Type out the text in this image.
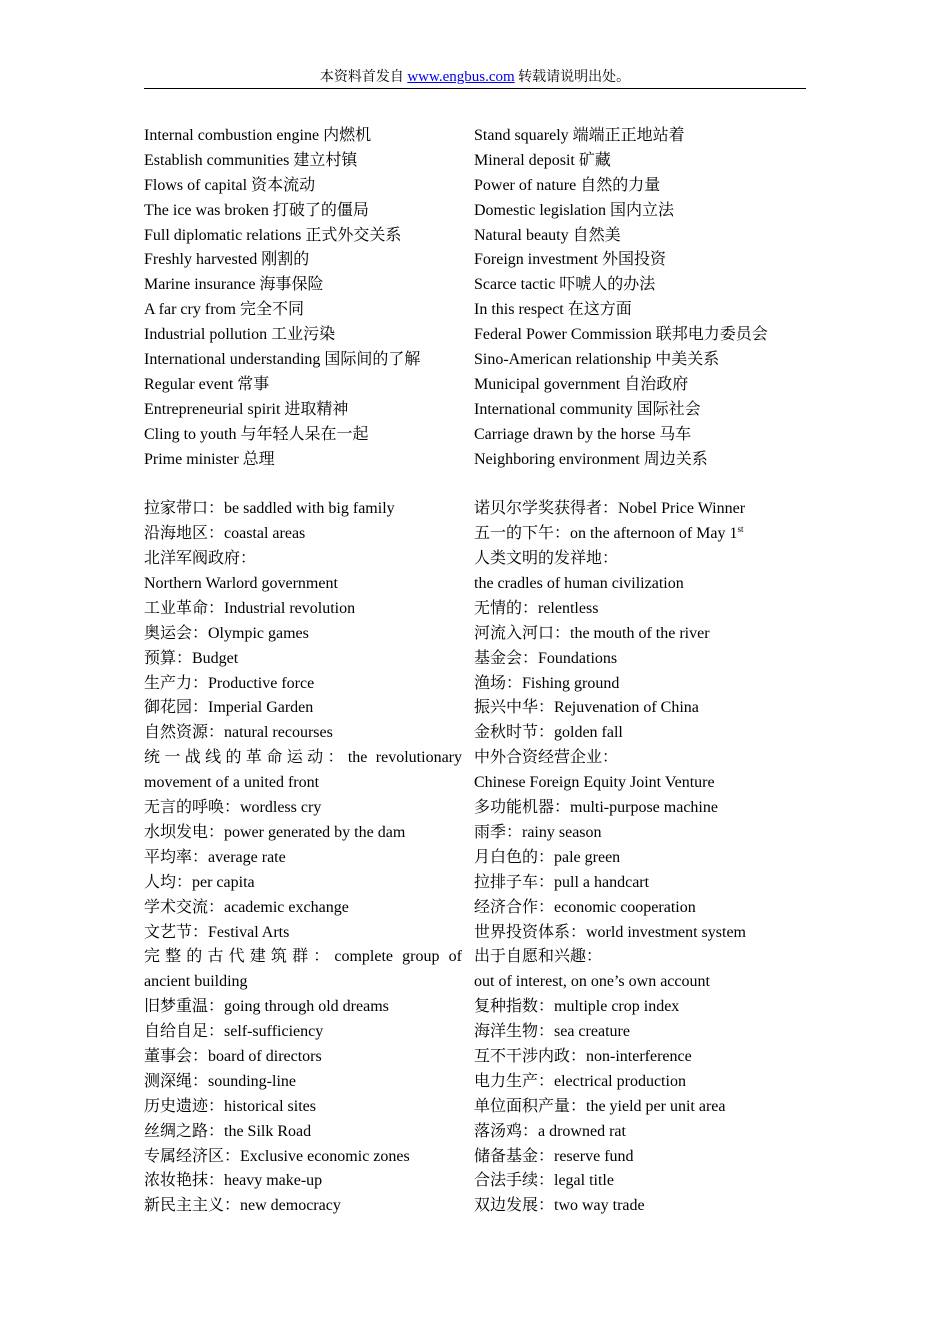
本资料首发自 www.engbus.com 转载请说明出处。
Internal combustion engine 内燃机
Establish communities 建立村镇
Flows of capital 资本流动
The ice was broken 打破了的僵局
Full diplomatic relations 正式外交关系
Freshly harvested 刚割的
Marine insurance 海事保险
A far cry from 完全不同
Industrial pollution 工业污染
International understanding 国际间的了解
Regular event 常事
Entrepreneurial spirit 进取精神
Cling to youth 与年轻人呆在一起
Prime minister 总理
拉家带口：be saddled with big family
沿海地区：coastal areas
北洋军阀政府：
Northern Warlord government
工业革命：Industrial revolution
奥运会：Olympic games
预算：Budget
生产力：Productive force
御花园：Imperial Garden
自然资源：natural recourses
统一战线的革命运动：the revolutionary
movement of a united front
无言的呼唤：wordless cry
水坝发电：power generated by the dam
平均率：average rate
人均：per capita
学术交流：academic exchange
文艺节：Festival Arts
完整的古代建筑群：complete group of
ancient building
旧梦重温：going through old dreams
自给自足：self-sufficiency
董事会：board of directors
测深绳：sounding-line
历史遗迹：historical sites
丝绸之路：the Silk Road
专属经济区：Exclusive economic zones
浓妆艳抹：heavy make-up
新民主主义：new democracy
Stand squarely 端端正正地站着
Mineral deposit 矿藏
Power of nature 自然的力量
Domestic legislation 国内立法
Natural beauty 自然美
Foreign investment 外国投资
Scarce tactic 吓唬人的办法
In this respect 在这方面
Federal Power Commission 联邦电力委员会
Sino-American relationship 中美关系
Municipal government 自治政府
International community 国际社会
Carriage drawn by the horse 马车
Neighboring environment 周边关系
诺贝尔学奖获得者：Nobel Price Winner
五一的下午：on the afternoon of May 1st
人类文明的发祥地：
the cradles of human civilization
无情的：relentless
河流入河口：the mouth of the river
基金会：Foundations
渔场：Fishing ground
振兴中华：Rejuvenation of China
金秋时节：golden fall
中外合资经营企业：
Chinese Foreign Equity Joint Venture
多功能机器：multi-purpose machine
雨季：rainy season
月白色的：pale green
拉排子车：pull a handcart
经济合作：economic cooperation
世界投资体系：world investment system
出于自愿和兴趣：
out of interest, on one’s own account
复种指数：multiple crop index
海洋生物：sea creature
互不干涉内政：non-interference
电力生产：electrical production
单位面积产量：the yield per unit area
落汤鸡：a drowned rat
储备基金：reserve fund
合法手续：legal title
双边发展：two way trade
